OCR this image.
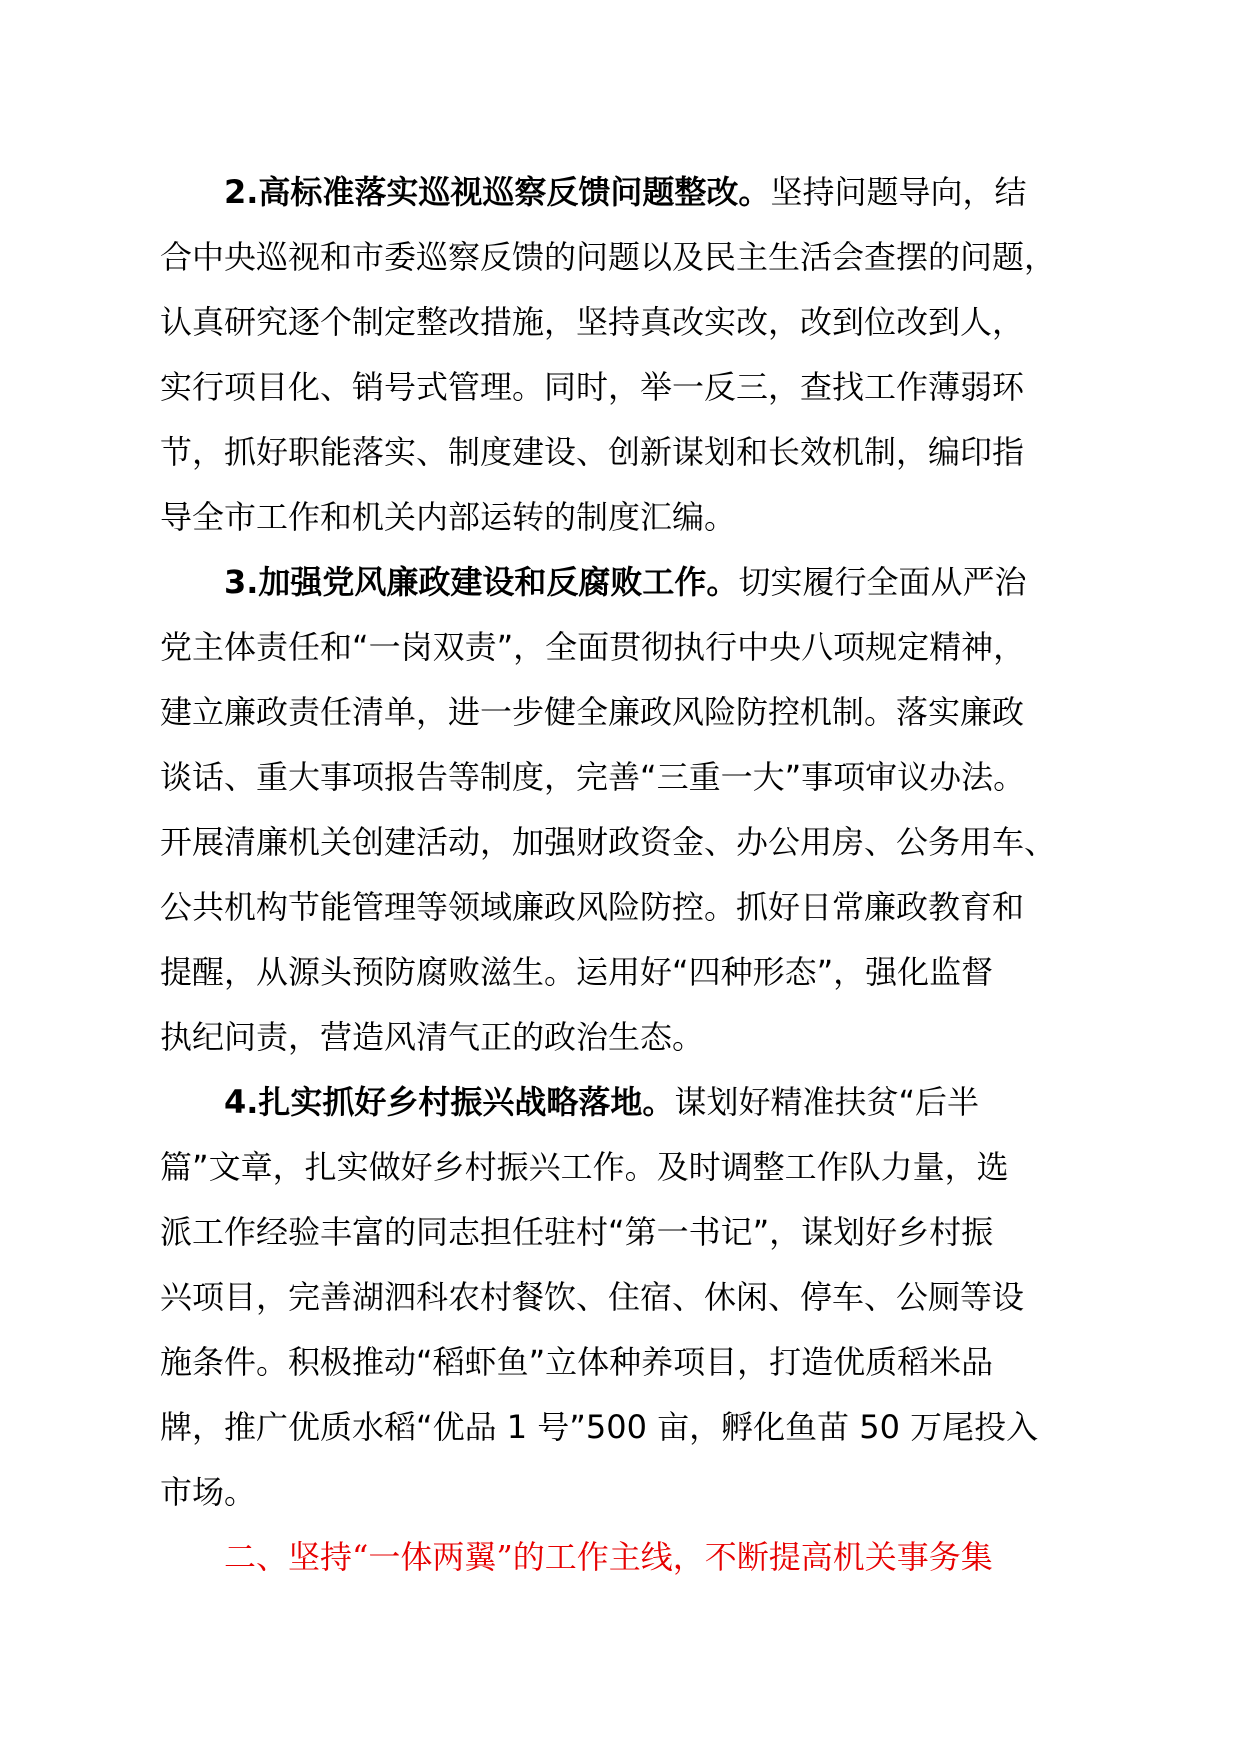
2.高标准落实巡视巡察反馈问题整改。坚持问题导向，结
合中央巡视和市委巡察反馈的问题以及民主生活会查摆的问题，
认真研究逐个制定整改措施，坚持真改实改，改到位改到人，
实行项目化、销号式管理。同时，举一反三，查找工作薄弱环
节，抓好职能落实、制度建设、创新谋划和长效机制，编印指
导全市工作和机关内部运转的制度汇编。
3.加强党风廉政建设和反腐败工作。切实履行全面从严治
党主体责任和“一岗双责”，全面贯彻执行中央八项规定精神，
建立廉政责任清单，进一步健全廉政风险防控机制。落实廉政
谈话、重大事项报告等制度，完善“三重一大”事项审议办法。
开展清廉机关创建活动，加强财政资金、办公用房、公务用车、
公共机构节能管理等领域廉政风险防控。抓好日常廉政教育和
提醒，从源头预防腐败滋生。运用好“四种形态”，强化监督
执纪问责，营造风清气正的政治生态。
4.扎实抓好乡村振兴战略落地。谋划好精准扶贫“后半
篇”文章，扎实做好乡村振兴工作。及时调整工作队力量，选
派工作经验丰富的同志担任驻村“第一书记”，谋划好乡村振
兴项目，完善湖泗科农村餐饮、住宿、休闲、停车、公厕等设
施条件。积极推动“稻虾鱼”立体种养项目，打造优质稻米品
牌，推广优质水稻“优品 1 号”500 亩，孵化鱼苗 50 万尾投入
市场。
二、坚持“一体两翼”的工作主线，不断提高机关事务集
